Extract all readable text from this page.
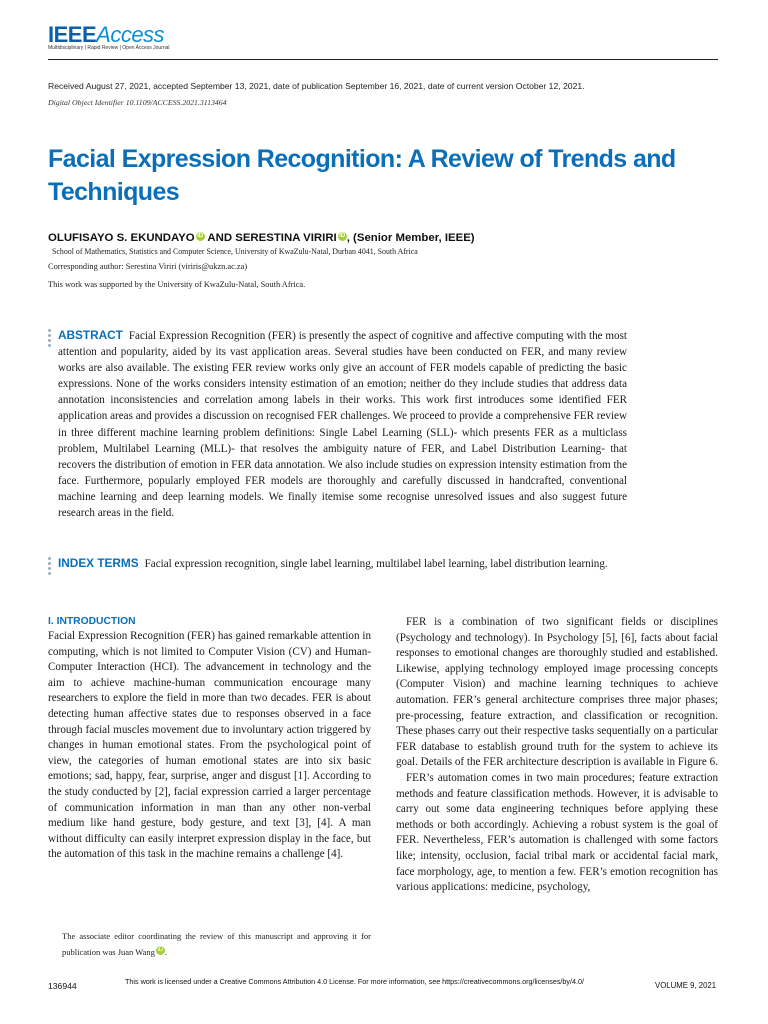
IEEEAccess
Multidisciplinary | Rapid Review | Open Access Journal
Received August 27, 2021, accepted September 13, 2021, date of publication September 16, 2021, date of current version October 12, 2021.
Digital Object Identifier 10.1109/ACCESS.2021.3113464
Facial Expression Recognition: A Review of Trends and Techniques
OLUFISAYO S. EKUNDAYO iD AND SERESTINA VIRIRI iD , (Senior Member, IEEE)
School of Mathematics, Statistics and Computer Science, University of KwaZulu-Natal, Durban 4041, South Africa
Corresponding author: Serestina Viriri (viriris@ukzn.ac.za)
This work was supported by the University of KwaZulu-Natal, South Africa.
ABSTRACT Facial Expression Recognition (FER) is presently the aspect of cognitive and affective computing with the most attention and popularity, aided by its vast application areas. Several studies have been conducted on FER, and many review works are also available. The existing FER review works only give an account of FER models capable of predicting the basic expressions. None of the works considers intensity estimation of an emotion; neither do they include studies that address data annotation inconsistencies and correlation among labels in their works. This work first introduces some identified FER application areas and provides a discussion on recognised FER challenges. We proceed to provide a comprehensive FER review in three different machine learning problem definitions: Single Label Learning (SLL)- which presents FER as a multiclass problem, Multilabel Learning (MLL)- that resolves the ambiguity nature of FER, and Label Distribution Learning- that recovers the distribution of emotion in FER data annotation. We also include studies on expression intensity estimation from the face. Furthermore, popularly employed FER models are thoroughly and carefully discussed in handcrafted, conventional machine learning and deep learning models. We finally itemise some recognise unresolved issues and also suggest future research areas in the field.
INDEX TERMS Facial expression recognition, single label learning, multilabel label learning, label distribution learning.
I. INTRODUCTION

Facial Expression Recognition (FER) has gained remarkable attention in computing, which is not limited to Computer Vision (CV) and Human-Computer Interaction (HCI). The advancement in technology and the aim to achieve machine-human communication encourage many researchers to explore the field in more than two decades. FER is about detecting human affective states due to responses observed in a face through facial muscles movement due to involuntary action triggered by changes in human emotional states. From the psychological point of view, the categories of human emotional states are into six basic emotions; sad, happy, fear, surprise, anger and disgust [1]. According to the study conducted by [2], facial expression carried a larger percentage of communication information in man than any other non-verbal medium like hand gesture, body gesture, and text [3], [4]. A man without difficulty can easily interpret expression display in the face, but the automation of this task in the machine remains a challenge [4].

The associate editor coordinating the review of this manuscript and approving it for publication was Juan Wang iD .

FER is a combination of two significant fields or disciplines (Psychology and technology). In Psychology [5], [6], facts about facial responses to emotional changes are thoroughly studied and established. Likewise, applying technology employed image processing concepts (Computer Vision) and machine learning techniques to achieve automation. FER’s general architecture comprises three major phases; pre-processing, feature extraction, and classification or recognition. These phases carry out their respective tasks sequentially on a particular FER database to establish ground truth for the system to achieve its goal. Details of the FER architecture description is available in Figure 6.

FER’s automation comes in two main procedures; feature extraction methods and feature classification methods. However, it is advisable to carry out some data engineering techniques before applying these methods or both accordingly. Achieving a robust system is the goal of FER. Nevertheless, FER’s automation is challenged with some factors like; intensity, occlusion, facial tribal mark or accidental facial mark, face morphology, age, to mention a few. FER’s emotion recognition has various applications: medicine, psychology,

136944	This work is licensed under a Creative Commons Attribution 4.0 License. For more information, see https://creativecommons.org/licenses/by/4.0/	VOLUME 9, 2021
